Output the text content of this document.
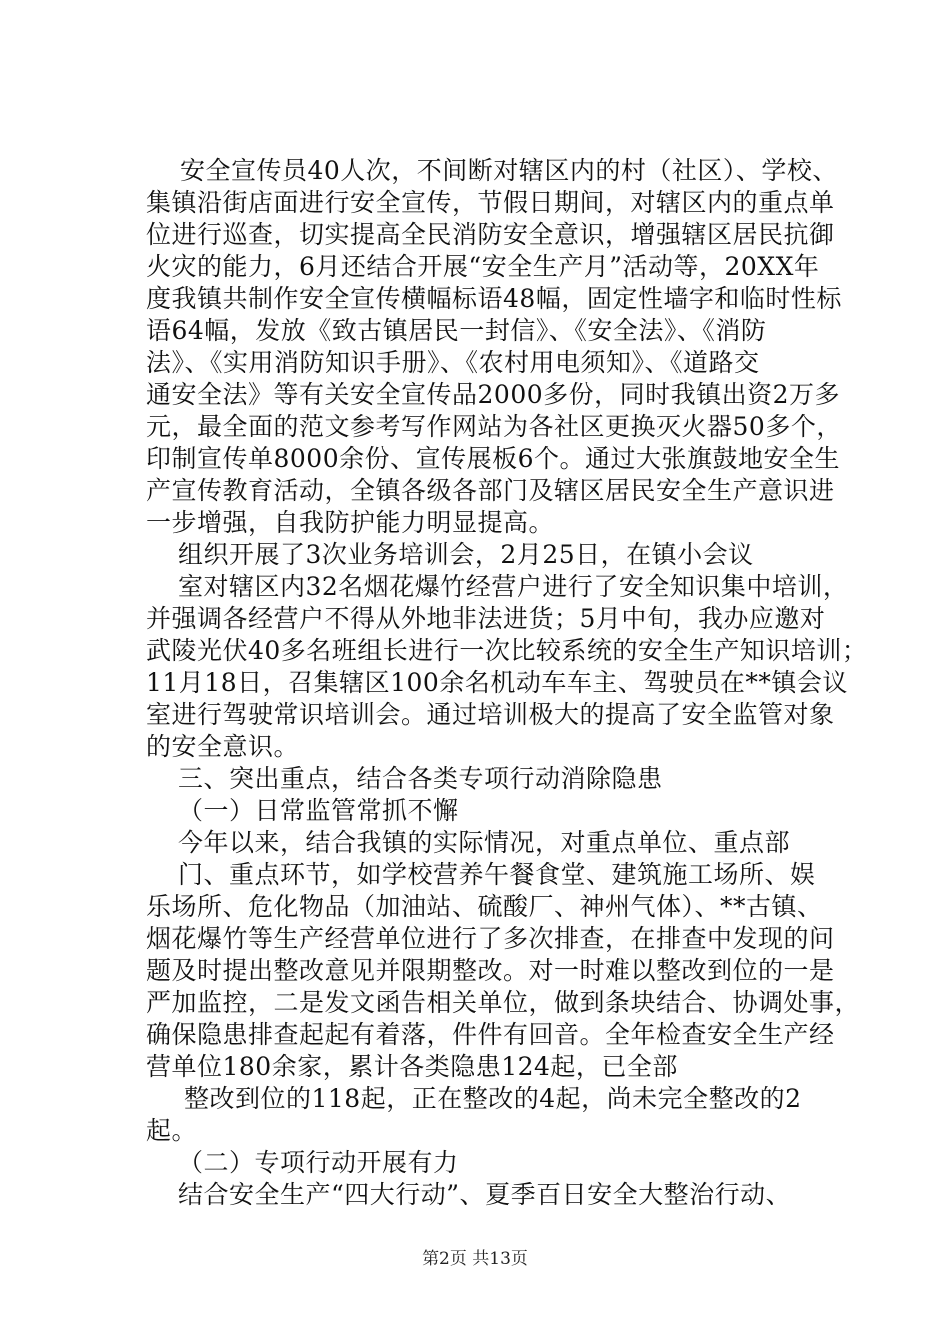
安全宣传员40人次，不间断对辖区内的村（社区）、学校、
集镇沿街店面进行安全宣传，节假日期间，对辖区内的重点单
位进行巡查，切实提高全民消防安全意识，增强辖区居民抗御
火灾的能力，6月还结合开展“安全生产月”活动等，20XX年
度我镇共制作安全宣传横幅标语48幅，固定性墙字和临时性标
语64幅，发放《致古镇居民一封信》、《安全法》、《消防
法》、《实用消防知识手册》、《农村用电须知》、《道路交
通安全法》等有关安全宣传品2000多份，同时我镇出资2万多
元，最全面的范文参考写作网站为各社区更换灭火器50多个，
印制宣传单8000余份、宣传展板6个。通过大张旗鼓地安全生
产宣传教育活动，全镇各级各部门及辖区居民安全生产意识进
一步增强，自我防护能力明显提高。
组织开展了3次业务培训会，2月25日，在镇小会议
室对辖区内32名烟花爆竹经营户进行了安全知识集中培训，
并强调各经营户不得从外地非法进货；5月中旬，我办应邀对
武陵光伏40多名班组长进行一次比较系统的安全生产知识培训；
11月18日，召集辖区100余名机动车车主、驾驶员在**镇会议
室进行驾驶常识培训会。通过培训极大的提高了安全监管对象
的安全意识。
三、突出重点，结合各类专项行动消除隐患
（一）日常监管常抓不懈
今年以来，结合我镇的实际情况，对重点单位、重点部
门、重点环节，如学校营养午餐食堂、建筑施工场所、娱
乐场所、危化物品（加油站、硫酸厂、神州气体）、**古镇、
烟花爆竹等生产经营单位进行了多次排查，在排查中发现的问
题及时提出整改意见并限期整改。对一时难以整改到位的一是
严加监控，二是发文函告相关单位，做到条块结合、协调处事，
确保隐患排查起起有着落，件件有回音。全年检查安全生产经
营单位180余家，累计各类隐患124起，已全部
整改到位的118起，正在整改的4起，尚未完全整改的2
起。
（二）专项行动开展有力
结合安全生产“四大行动”、夏季百日安全大整治行动、
第2页 共13页
